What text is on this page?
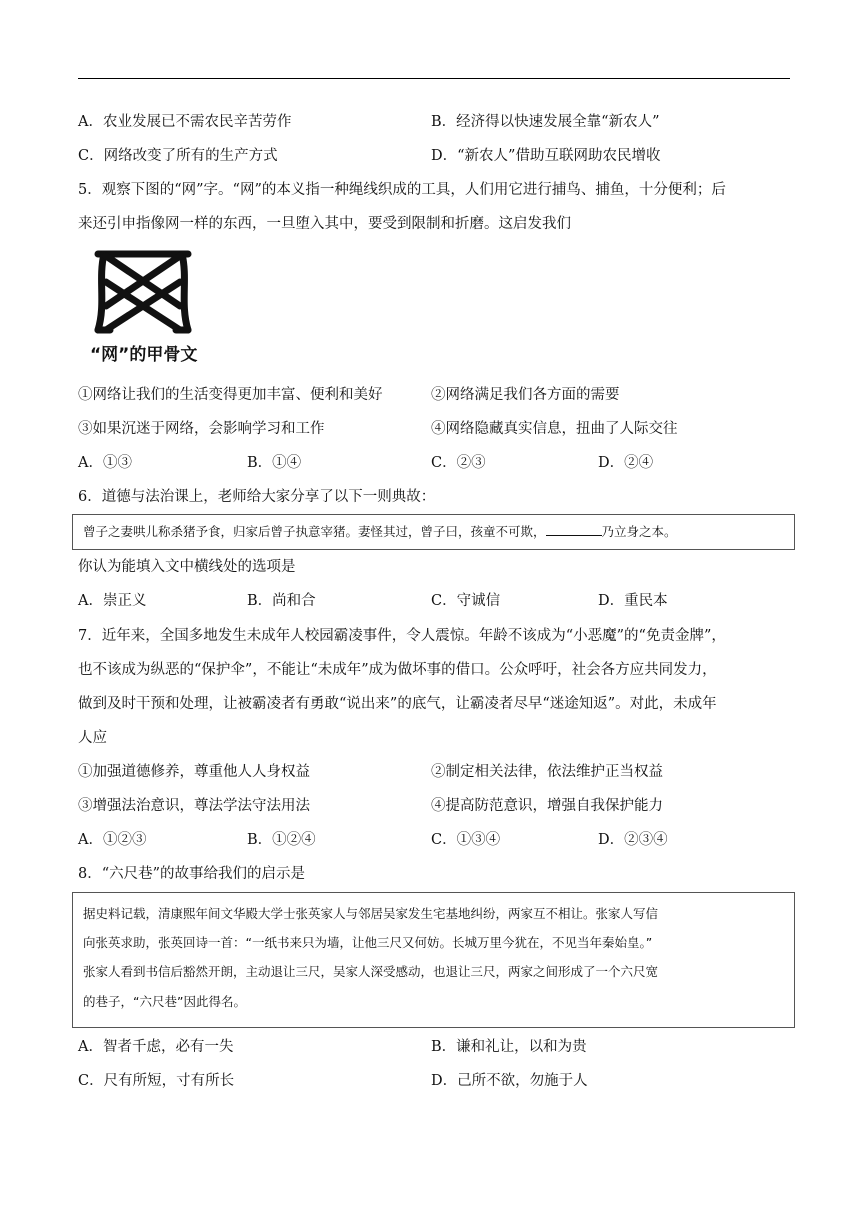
A．农业发展已不需农民辛苦劳作	B．经济得以快速发展全靠“新农人”
C．网络改变了所有的生产方式	D．“新农人”借助互联网助农民增收
5．观察下图的“网”字。“网”的本义指一种绳线织成的工具，人们用它进行捕鸟、捕鱼，十分便利；后
来还引申指像网一样的东西，一旦堕入其中，要受到限制和折磨。这启发我们
“网”的甲骨文
①网络让我们的生活变得更加丰富、便利和美好	②网络满足我们各方面的需要
③如果沉迷于网络，会影响学习和工作	④网络隐藏真实信息，扭曲了人际交往
A．①③	B．①④	C．②③	D．②④
6．道德与法治课上，老师给大家分享了以下一则典故：
曾子之妻哄儿称杀猪予食，归家后曾子执意宰猪。妻怪其过，曾子曰，孩童不可欺，	乃立身之本。
你认为能填入文中横线处的选项是
A．崇正义	B．尚和合	C．守诚信	D．重民本
7．近年来，全国多地发生未成年人校园霸凌事件，令人震惊。年龄不该成为“小恶魔”的“免责金牌”，
也不该成为纵恶的“保护伞”，不能让“未成年”成为做坏事的借口。公众呼吁，社会各方应共同发力，
做到及时干预和处理，让被霸凌者有勇敢“说出来”的底气，让霸凌者尽早“迷途知返”。对此，未成年
人应
①加强道德修养，尊重他人人身权益	②制定相关法律，依法维护正当权益
③增强法治意识，尊法学法守法用法	④提高防范意识，增强自我保护能力
A．①②③	B．①②④	C．①③④	D．②③④
8．“六尺巷”的故事给我们的启示是
据史料记载，清康熙年间文华殿大学士张英家人与邻居吴家发生宅基地纠纷，两家互不相让。张家人写信
向张英求助，张英回诗一首：“一纸书来只为墙，让他三尺又何妨。长城万里今犹在，不见当年秦始皇。”
张家人看到书信后豁然开朗，主动退让三尺，吴家人深受感动，也退让三尺，两家之间形成了一个六尺宽
的巷子，“六尺巷”因此得名。
A．智者千虑，必有一失	B．谦和礼让，以和为贵
C．尺有所短，寸有所长	D．己所不欲，勿施于人
